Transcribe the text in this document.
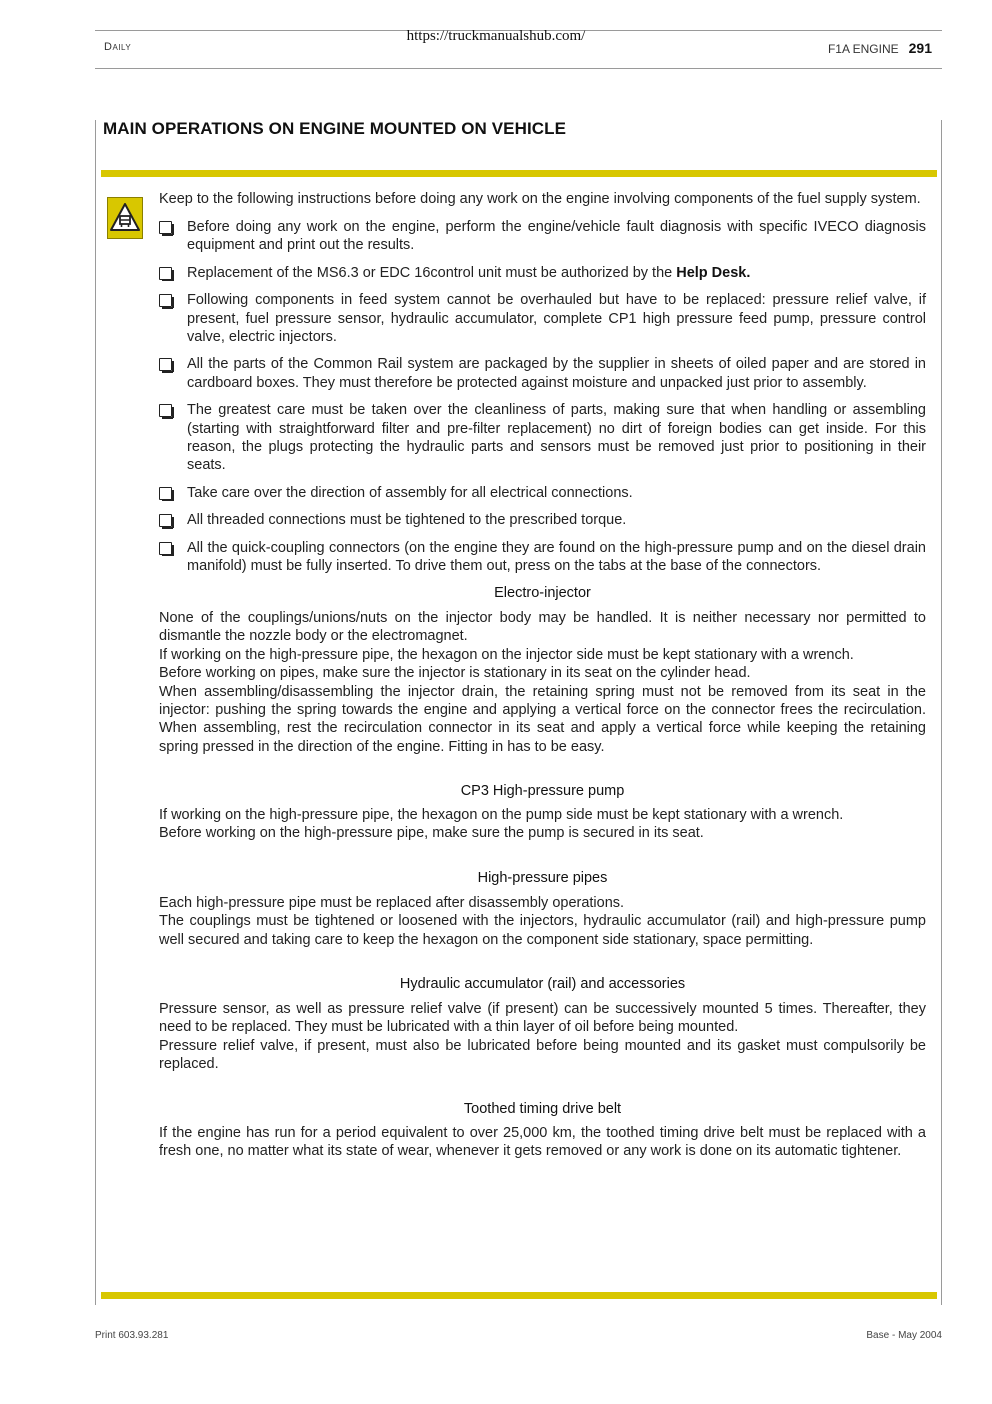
Daily
https://truckmanualshub.com/
F1A ENGINE 291
MAIN OPERATIONS ON ENGINE MOUNTED ON VEHICLE

Keep to the following instructions before doing any work on the engine involving components of the fuel supply system.

Before doing any work on the engine, perform the engine/vehicle fault diagnosis with specific IVECO diagnosis equipment and print out the results.
Replacement of the MS6.3 or EDC 16control unit must be authorized by the Help Desk.
Following components in feed system cannot be overhauled but have to be replaced: pressure relief valve, if present, fuel pressure sensor, hydraulic accumulator, complete CP1 high pressure feed pump, pressure control valve, electric injectors.
All the parts of the Common Rail system are packaged by the supplier in sheets of oiled paper and are stored in cardboard boxes. They must therefore be protected against moisture and unpacked just prior to assembly.
The greatest care must be taken over the cleanliness of parts, making sure that when handling or assembling (starting with straightforward filter and pre-filter replacement) no dirt of foreign bodies can get inside. For this reason, the plugs protecting the hydraulic parts and sensors must be removed just prior to positioning in their seats.
Take care over the direction of assembly for all electrical connections.
All threaded connections must be tightened to the prescribed torque.
All the quick-coupling connectors (on the engine they are found on the high-pressure pump and on the diesel drain manifold) must be fully inserted. To drive them out, press on the tabs at the base of the connectors.
Electro-injector

None of the couplings/unions/nuts on the injector body may be handled. It is neither necessary nor permitted to dismantle the nozzle body or the electromagnet.

If working on the high-pressure pipe, the hexagon on the injector side must be kept stationary with a wrench.

Before working on pipes, make sure the injector is stationary in its seat on the cylinder head.

When assembling/disassembling the injector drain, the retaining spring must not be removed from its seat in the injector: pushing the spring towards the engine and applying a vertical force on the connector frees the recirculation. When assembling, rest the recirculation connector in its seat and apply a vertical force while keeping the retaining spring pressed in the direction of the engine. Fitting in has to be easy.

CP3 High-pressure pump

If working on the high-pressure pipe, the hexagon on the pump side must be kept stationary with a wrench.

Before working on the high-pressure pipe, make sure the pump is secured in its seat.

High-pressure pipes

Each high-pressure pipe must be replaced after disassembly operations.

The couplings must be tightened or loosened with the injectors, hydraulic accumulator (rail) and high-pressure pump well secured and taking care to keep the hexagon on the component side stationary, space permitting.

Hydraulic accumulator (rail) and accessories

Pressure sensor, as well as pressure relief valve (if present) can be successively mounted 5 times. Thereafter, they need to be replaced. They must be lubricated with a thin layer of oil before being mounted.

Pressure relief valve, if present, must also be lubricated before being mounted and its gasket must compulsorily be replaced.

Toothed timing drive belt

If the engine has run for a period equivalent to over 25,000 km, the toothed timing drive belt must be replaced with a fresh one, no matter what its state of wear, whenever it gets removed or any work is done on its automatic tightener.

Print 603.93.281	Base - May 2004
